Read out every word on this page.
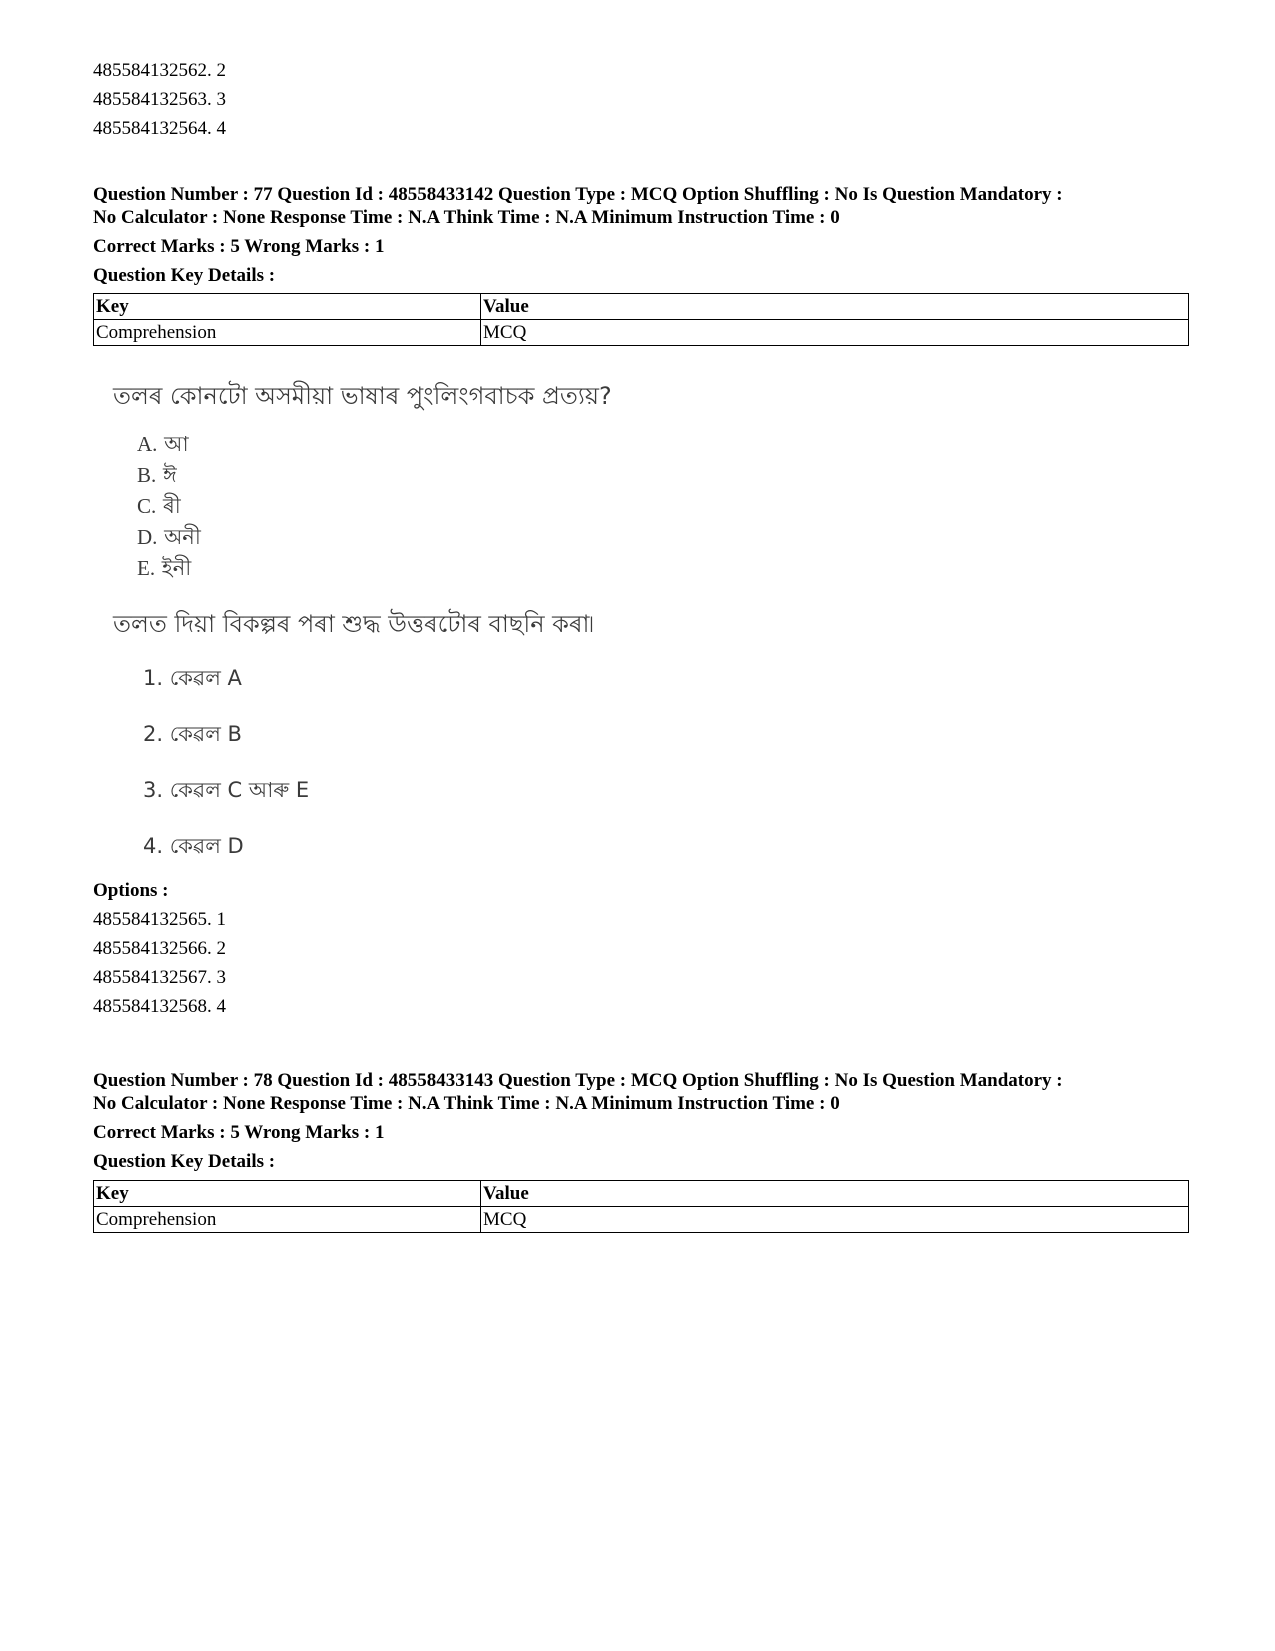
485584132562. 2
485584132563. 3
485584132564. 4
Question Number : 77 Question Id : 48558433142 Question Type : MCQ Option Shuffling : No Is Question Mandatory :
No Calculator : None Response Time : N.A Think Time : N.A Minimum Instruction Time : 0
Correct Marks : 5 Wrong Marks : 1
Question Key Details :
Key	Value
Comprehension	MCQ
তলৰ কোনটো অসমীয়া ভাষাৰ পুংলিংগবাচক প্ৰত্যয়?
A. আ
B. ঈ
C. ৰী
D. অনী
E. ইনী
তলত দিয়া বিকল্পৰ পৰা শুদ্ধ উত্তৰটোৰ বাছনি কৰা৷
1. কেৱল A
2. কেৱল B
3. কেৱল C আৰু E
4. কেৱল D
Options :
485584132565. 1
485584132566. 2
485584132567. 3
485584132568. 4
Question Number : 78 Question Id : 48558433143 Question Type : MCQ Option Shuffling : No Is Question Mandatory :
No Calculator : None Response Time : N.A Think Time : N.A Minimum Instruction Time : 0
Correct Marks : 5 Wrong Marks : 1
Question Key Details :
Key	Value
Comprehension	MCQ
